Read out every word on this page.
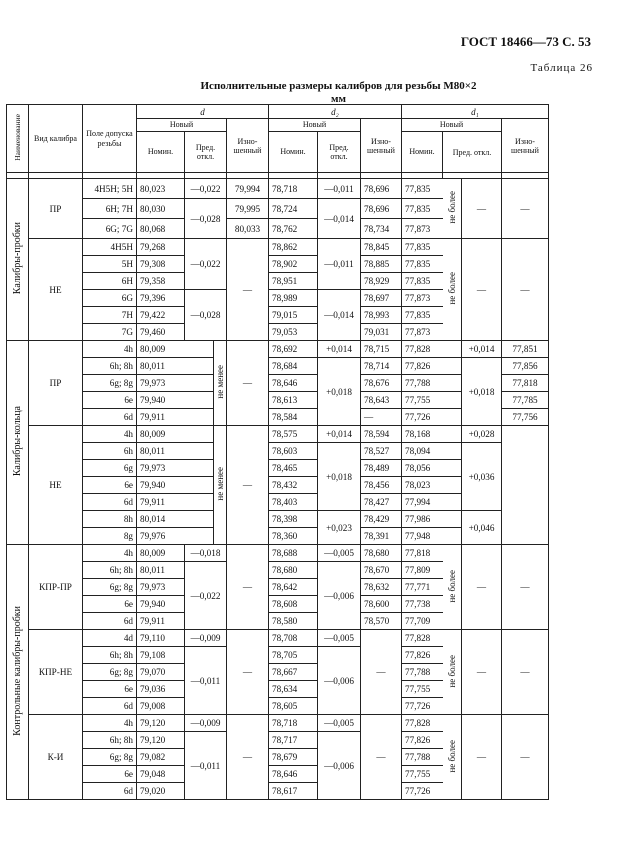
ГОСТ 18466—73 С. 53
Таблица 26
Исполнительные размеры калибров для резьбы M80×2
мм
Наименование	Вид калибра	Поле допуска резьбы	d				d₂			d₁			
			Новый			Изно-шенный	Новый		Изно-шенный	Новый			Изно-шенный
			Номин.	Пред. откл.			Номин.	Пред. откл.		Номин.	Пред. откл.		

Калибры-пробки	ПР	4H5H; 5H	80,023	—0,022		79,994	78,718	—0,011	78,696	77,835	не более	—	—
		6H; 7H	80,030	—0,028		79,995	78,724	—0,014	78,696	77,835			
		6G; 7G	80,068			80,033	78,762		78,734	77,873			
	НЕ	4H5H	79,268	—0,022		—	78,862	—0,011	78,845	77,835	не более	—	—
		5H	79,308				78,902		78,885	77,835			
		6H	79,358				78,951		78,929	77,835			
		6G	79,396	—0,028			78,989	—0,014	78,697	77,873			
		7H	79,422				79,015		78,993	77,835			
		7G	79,460				79,053		79,031	77,873			
Калибры-кольца	ПР	4h	80,009		не менее	—	78,692	+0,014	78,715	77,828		+0,014	77,851
		6h; 8h	80,011				78,684	+0,018	78,714	77,826		+0,018	77,856
		6g; 8g	79,973				78,646		78,676	77,788			77,818
		6e	79,940				78,613		78,643	77,755			77,785
		6d	79,911				78,584		—	77,726			77,756
	НЕ	4h	80,009		не менее	—	78,575	+0,014	78,594	78,168		+0,028	
		6h	80,011				78,603	+0,018	78,527	78,094		+0,036	
		6g	79,973				78,465		78,489	78,056			
		6e	79,940				78,432		78,456	78,023			
		6d	79,911				78,403		78,427	77,994			
		8h	80,014				78,398	+0,023	78,429	77,986		+0,046	
		8g	79,976				78,360		78,391	77,948			
Контрольные калибры-пробки	КПР-ПР	4h	80,009	—0,018		—	78,688	—0,005	78,680	77,818	не более	—	—
		6h; 8h	80,011	—0,022			78,680	—0,006	78,670	77,809			
		6g; 8g	79,973				78,642		78,632	77,771			
		6e	79,940				78,608		78,600	77,738			
		6d	79,911				78,580		78,570	77,709			
	КПР-НЕ	4d	79,110	—0,009		—	78,708	—0,005	—	77,828	не более	—	—
		6h; 8h	79,108	—0,011			78,705	—0,006		77,826			
		6g; 8g	79,070				78,667			77,788			
		6e	79,036				78,634			77,755			
		6d	79,008				78,605			77,726			
	К-И	4h	79,120	—0,009		—	78,718	—0,005	—	77,828	не более	—	—
		6h; 8h	79,120	—0,011			78,717	—0,006		77,826			
		6g; 8g	79,082				78,679			77,788			
		6e	79,048				78,646			77,755			
		6d	79,020				78,617			77,726			
